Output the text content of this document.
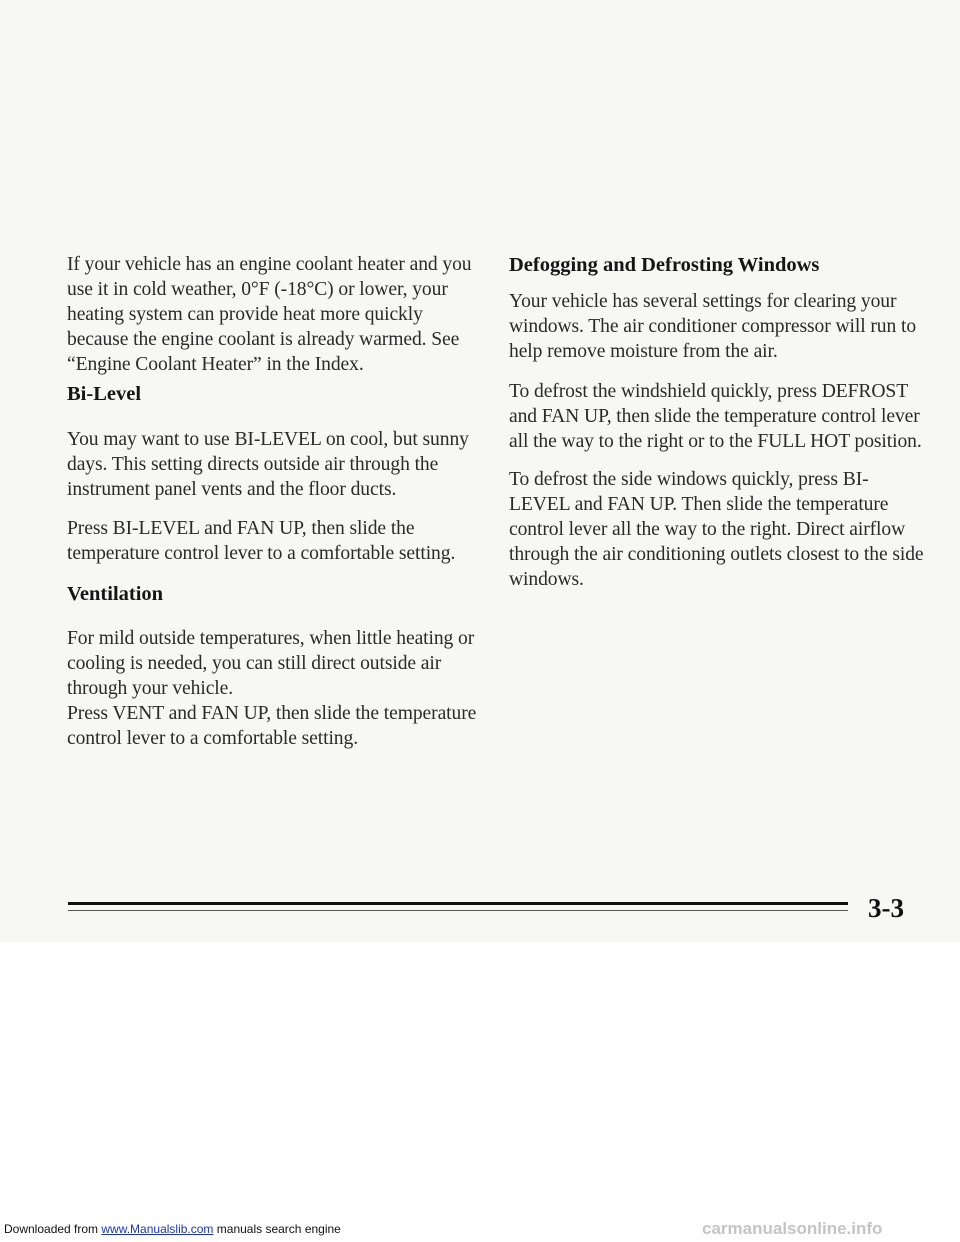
If your vehicle has an engine coolant heater and you use it in cold weather, 0°F (-18°C) or lower, your heating system can provide heat more quickly because the engine coolant is already warmed. See “Engine Coolant Heater” in the Index.

Bi-Level

You may want to use BI-LEVEL on cool, but sunny days. This setting directs outside air through the instrument panel vents and the floor ducts.

Press BI-LEVEL and FAN UP, then slide the temperature control lever to a comfortable setting.

Ventilation

For mild outside temperatures, when little heating or cooling is needed, you can still direct outside air through your vehicle.

Press VENT and FAN UP, then slide the temperature control lever to a comfortable setting.

Defogging and Defrosting Windows

Your vehicle has several settings for clearing your windows. The air conditioner compressor will run to help remove moisture from the air.

To defrost the windshield quickly, press DEFROST and FAN UP, then slide the temperature control lever all the way to the right or to the FULL HOT position.

To defrost the side windows quickly, press BI-LEVEL and FAN UP. Then slide the temperature control lever all the way to the right. Direct airflow through the air conditioning outlets closest to the side windows.

3-3
Downloaded from www.Manualslib.com manuals search engine	carmanualsonline.info
